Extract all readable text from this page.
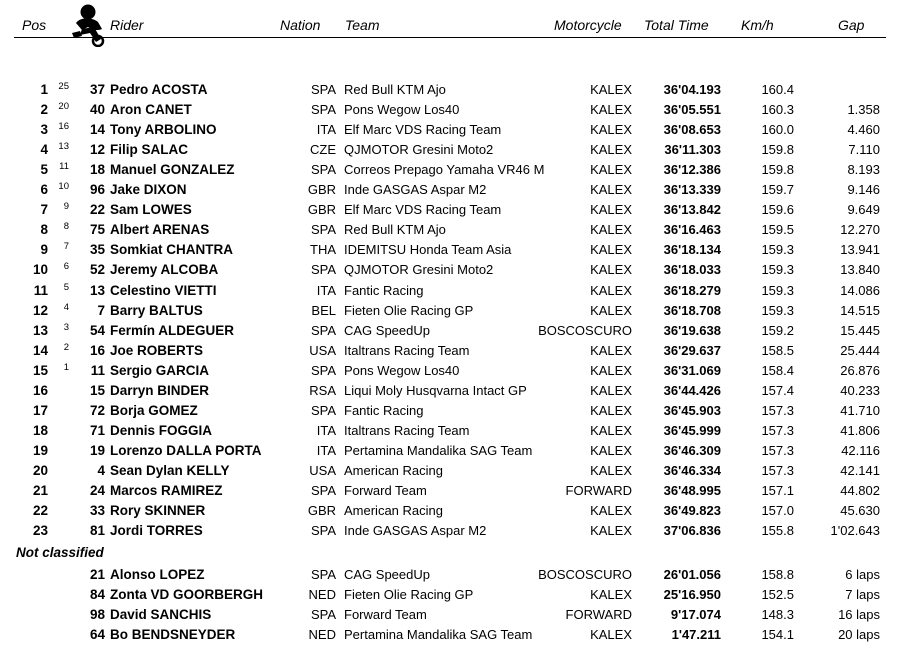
Pos	Rider	Nation Team	Motorcycle Total Time Km/h	Gap
1	25 37 Pedro ACOSTA	SPA Red Bull KTM Ajo	KALEX 36'04.193	160.4
2	20 40 Aron CANET	SPA Pons Wegow Los40	KALEX 36'05.551	160.3	1.358
3	16 14 Tony ARBOLINO	ITA Elf Marc VDS Racing Team	KALEX 36'08.653	160.0	4.460
4	13 12 Filip SALAC	CZE QJMOTOR Gresini Moto2	KALEX 36'11.303	159.8	7.110
5	11 18 Manuel GONZALEZ	SPA Correos Prepago Yamaha VR46 M	KALEX 36'12.386	159.8	8.193
6	10 96 Jake DIXON	GBR Inde GASGAS Aspar M2	KALEX 36'13.339	159.7	9.146
7	9 22 Sam LOWES	GBR Elf Marc VDS Racing Team	KALEX 36'13.842	159.6	9.649
8	8 75 Albert ARENAS	SPA Red Bull KTM Ajo	KALEX 36'16.463	159.5	12.270
9	7 35 Somkiat CHANTRA	THA IDEMITSU Honda Team Asia	KALEX 36'18.134	159.3	13.941
10	6 52 Jeremy ALCOBA	SPA QJMOTOR Gresini Moto2	KALEX 36'18.033	159.3	13.840
11	5 13 Celestino VIETTI	ITA Fantic Racing	KALEX 36'18.279	159.3	14.086
12	4 7 Barry BALTUS	BEL Fieten Olie Racing GP	KALEX 36'18.708	159.3	14.515
13	3 54 Fermín ALDEGUER	SPA CAG SpeedUp	BOSCOSCURO 36'19.638	159.2	15.445
14	2 16 Joe ROBERTS	USA Italtrans Racing Team	KALEX 36'29.637	158.5	25.444
15	1 11 Sergio GARCIA	SPA Pons Wegow Los40	KALEX 36'31.069	158.4	26.876
16	15 Darryn BINDER	RSA Liqui Moly Husqvarna Intact GP	KALEX 36'44.426	157.4	40.233
17	72 Borja GOMEZ	SPA Fantic Racing	KALEX 36'45.903	157.3	41.710
18	71 Dennis FOGGIA	ITA Italtrans Racing Team	KALEX 36'45.999	157.3	41.806
19	19 Lorenzo DALLA PORTA	ITA Pertamina Mandalika SAG Team	KALEX 36'46.309	157.3	42.116
20	4 Sean Dylan KELLY	USA American Racing	KALEX 36'46.334	157.3	42.141
21	24 Marcos RAMIREZ	SPA Forward Team	FORWARD 36'48.995	157.1	44.802
22	33 Rory SKINNER	GBR American Racing	KALEX 36'49.823	157.0	45.630
23	81 Jordi TORRES	SPA Inde GASGAS Aspar M2	KALEX 37'06.836	155.8	1'02.643
21 Alonso LOPEZ	SPA CAG SpeedUp	BOSCOSCURO 26'01.056	158.8	6 laps
84 Zonta VD GOORBERGH	NED Fieten Olie Racing GP	KALEX 25'16.950	152.5	7 laps
98 David SANCHIS	SPA Forward Team	FORWARD	9'17.074	148.3	16 laps
64 Bo BENDSNEYDER	NED Pertamina Mandalika SAG Team	KALEX	1'47.211	154.1	20 laps
Not classified
